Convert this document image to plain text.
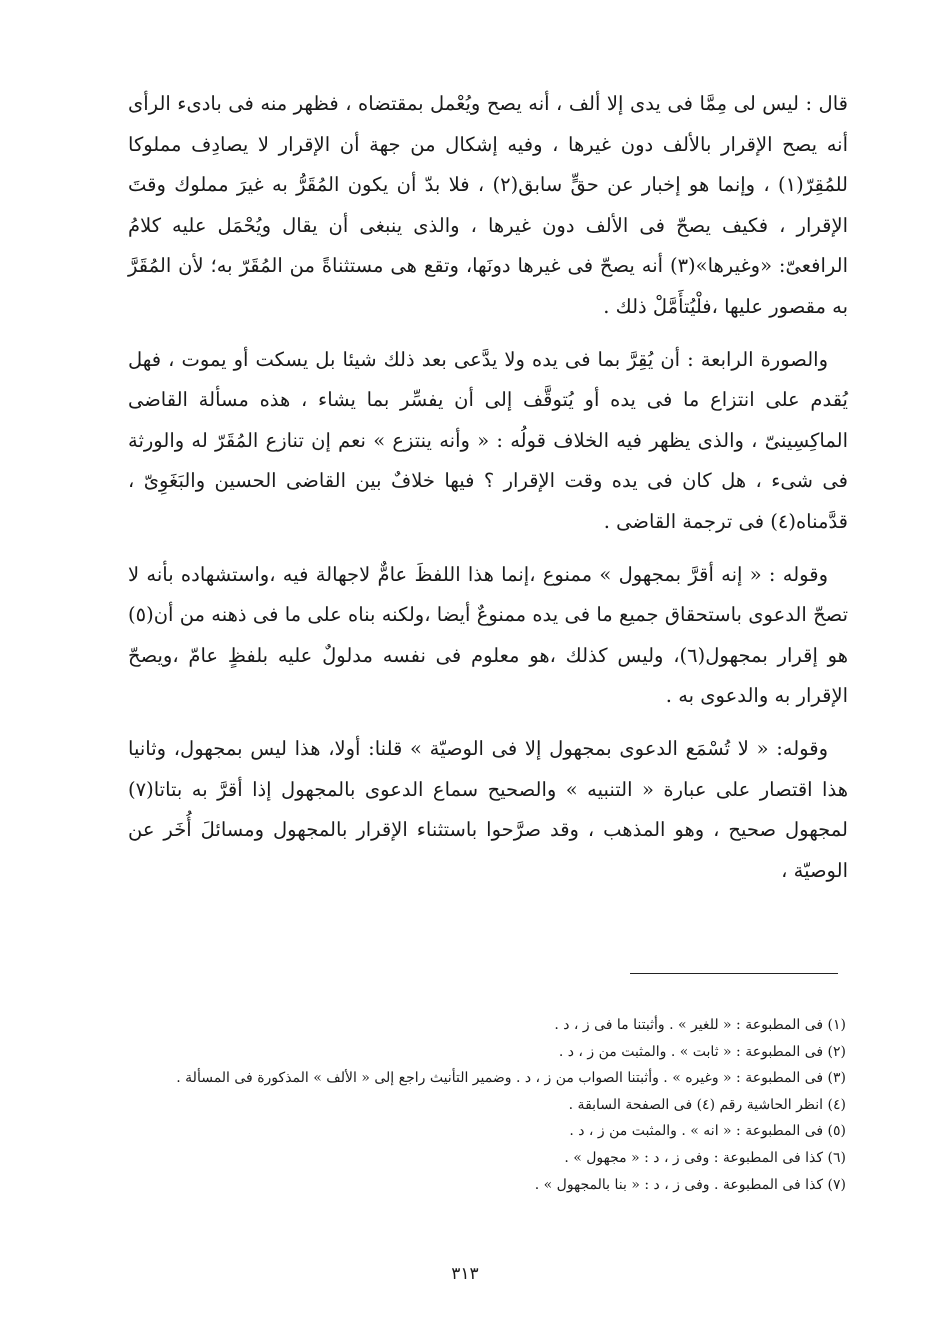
قال : ليس لى مِمَّا فى يدى إلا ألف ، أنه يصح ويُعْمل بمقتضاه ، فظهر منه فى بادىء الرأى أنه يصح الإقرار بالألف دون غيرها ، وفيه إشكال من جهة أن الإقرار لا يصادِف مملوكا للمُقِرّ(١) ، وإنما هو إخبار عن حقٍّ سابق(٢) ، فلا بدّ أن يكون المُقَرُّ به غيرَ مملوك وقتَ الإقرار ، فكيف يصحّ فى الألف دون غيرها ، والذى ينبغى أن يقال ويُحْمَل عليه كلامُ الرافعىّ: «وغيرها»(٣) أنه يصحّ فى غيرها دونَها، وتقع هى مستثناةً من المُقَرّ به؛ لأن المُقَرَّ به مقصور عليها ،فلْيُتأَمَّلْ ذلك .

والصورة الرابعة : أن يُقِرَّ بما فى يده ولا يدَّعى بعد ذلك شيئا بل يسكت أو يموت ، فهل يُقدم على انتزاع ما فى يده أو يُتوقَّف إلى أن يفسِّر بما يشاء ، هذه مسألة القاضى الماكِسِينىّ ، والذى يظهر فيه الخلاف قولُه : « وأنه ينتزع » نعم إن تنازع المُقَرّ له والورثة فى شىء ، هل كان فى يده وقت الإقرار ؟ فيها خلافٌ بين القاضى الحسين والبَغَوِىّ ، قدَّمناه(٤) فى ترجمة القاضى .

وقوله : « إنه أقرَّ بمجهول » ممنوع ،إنما هذا اللفظَ عامٌّ لاجهالة فيه ،واستشهاده بأنه لا تصحّ الدعوى باستحقاق جميع ما فى يده ممنوعٌ أيضا ،ولكنه بناه على ما فى ذهنه من أن(٥) هو إقرار بمجهول(٦)، وليس كذلك ،هو معلوم فى نفسه مدلولٌ عليه بلفظٍ عامّ ،ويصحّ الإقرار به والدعوى به .

وقوله: « لا تُسْمَع الدعوى بمجهول إلا فى الوصيّة » قلنا: أولا، هذا ليس بمجهول، وثانيا هذا اقتصار على عبارة « التنبيه » والصحيح سماع الدعوى بالمجهول إذا أقرَّ به بتاتا(٧) لمجهول صحيح ، وهو المذهب ، وقد صرَّحوا باستثناء الإقرار بالمجهول ومسائلَ أُخَر عن الوصيّة ،

(١) فى المطبوعة : « للغير » . وأثبتنا ما فى ز ، د .

(٢) فى المطبوعة : « ثابت » . والمثبت من ز ، د .

(٣) فى المطبوعة : « وغيره » . وأثبتنا الصواب من ز ، د . وضمير التأنيث راجع إلى « الألف » المذكورة فى المسألة .

(٤) انظر الحاشية رقم (٤) فى الصفحة السابقة .

(٥) فى المطبوعة : « انه » . والمثبت من ز ، د .

(٦) كذا فى المطبوعة : وفى ز ، د : « مجهول » .

(٧) كذا فى المطبوعة . وفى ز ، د : « بنا بالمجهول » .

٣١٣
